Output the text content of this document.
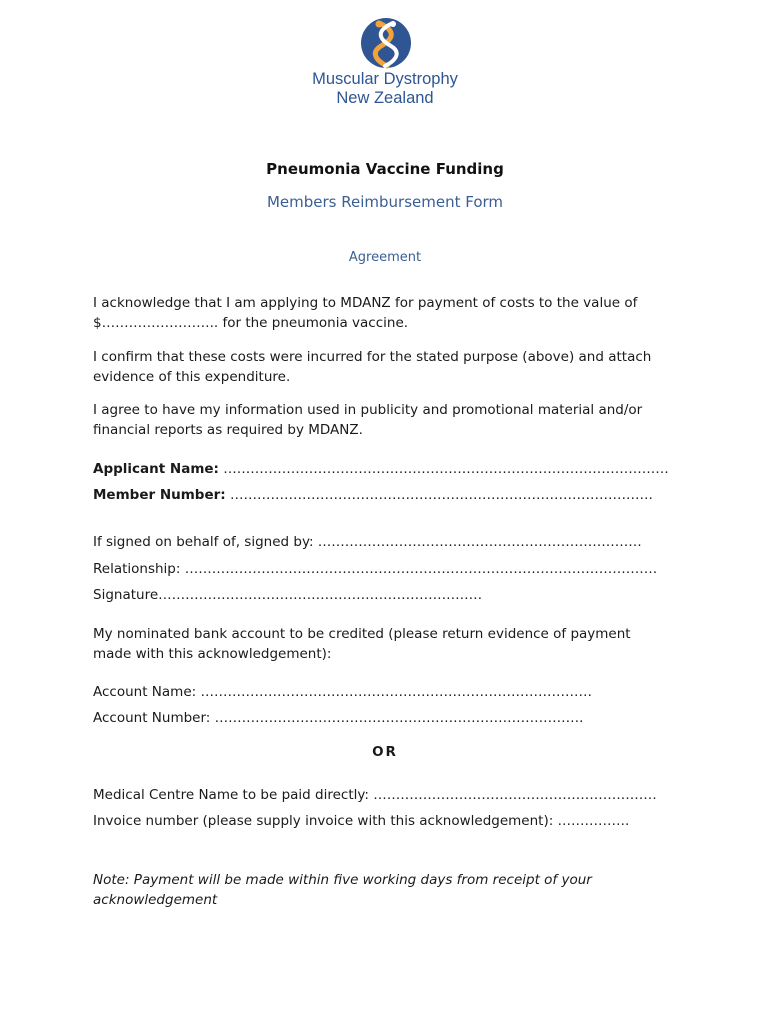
Muscular Dystrophy
New Zealand
Pneumonia Vaccine Funding
Members Reimbursement Form
Agreement
I acknowledge that I am applying to MDANZ for payment of costs to the value of
$…………………….. for the pneumonia vaccine.
I confirm that these costs were incurred for the stated purpose (above) and attach evidence of this expenditure.
I agree to have my information used in publicity and promotional material and/or financial reports as required by MDANZ.
Applicant Name: ………………………………………………………………………………………
Member Number: ………………………………………………………………………………….
If signed on behalf of, signed by: ………………………………………………………………
Relationship: ……………………………………………………………………………………………
Signature………………………………………………………………
My nominated bank account to be credited (please return evidence of payment made with this acknowledgement):
Account Name: ……………………………………………………………………………
Account Number: ……………………………………………………………………….
OR
Medical Centre Name to be paid directly: ………………………………………………………
Invoice number (please supply invoice with this acknowledgement): …………….
Note: Payment will be made within five working days from receipt of your acknowledgement
